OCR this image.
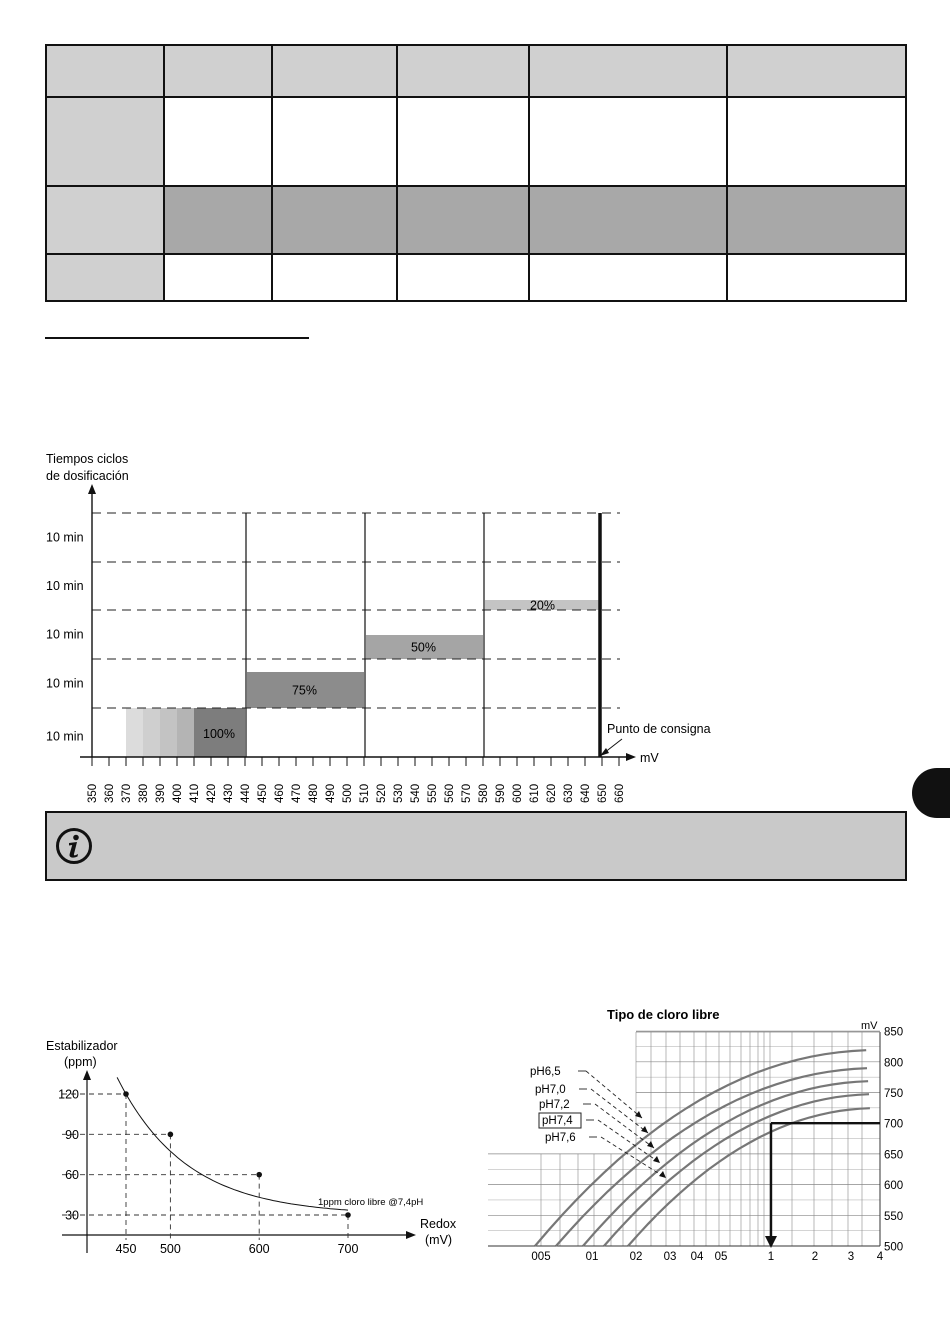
Tiempos ciclos
de dosificación
100%
75%
50%
20%
mV
10 min
10 min
10 min
10 min
10 min
350 360 370 380 390 400 410 420 430 440 450 460 470 480 490 500 510 520 530 540 550 560 570 580 590 600 610 620 630 640 650 660
Punto de consigna
Estabilizador
(ppm)
Redox
(mV)
120
90
60
30
450 500	600	700
1ppm cloro libre @7,4pH
Tipo de cloro libre
mV
850
800
750
700
650
600
550
500
005	01	02 03 04 05	1	2	3 4
pH6,5
pH7,0
pH7,2
pH7,4
pH7,6
